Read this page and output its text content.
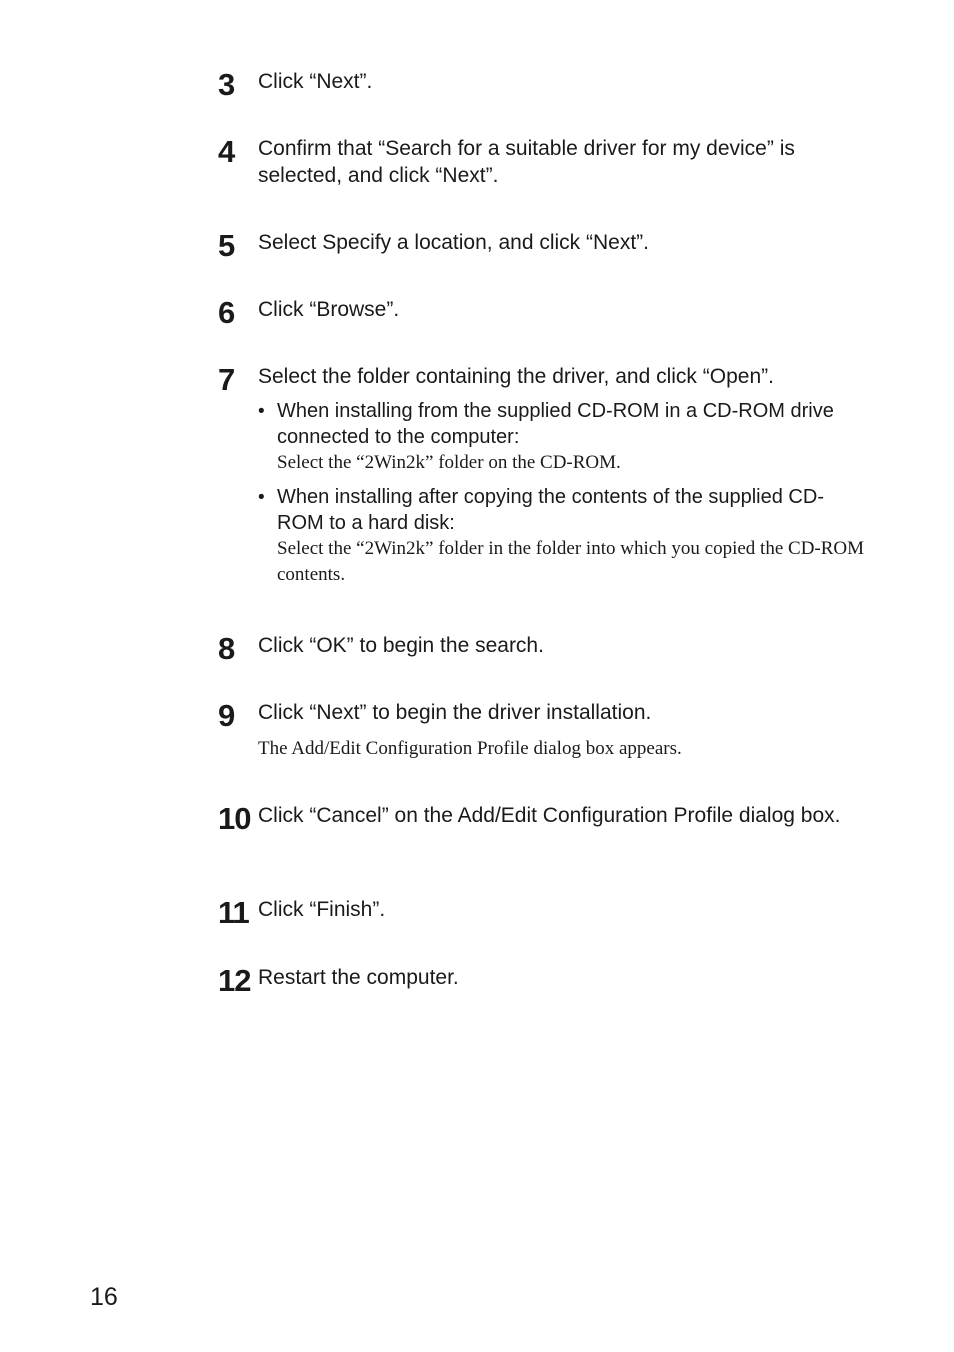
3 Click “Next”.
4 Confirm that “Search for a suitable driver for my device” is selected, and click “Next”.
5 Select Specify a location, and click “Next”.
6 Click “Browse”.
7 Select the folder containing the driver, and click “Open”.
• When installing from the supplied CD-ROM in a CD-ROM drive connected to the computer:
Select the “2Win2k” folder on the CD-ROM.
• When installing after copying the contents of the supplied CD-ROM to a hard disk:
Select the “2Win2k” folder in the folder into which you copied the CD-ROM contents.
8 Click “OK” to begin the search.
9 Click “Next” to begin the driver installation.
The Add/Edit Configuration Profile dialog box appears.
10 Click “Cancel” on the Add/Edit Configuration Profile dialog box.
11 Click “Finish”.
12 Restart the computer.
16
